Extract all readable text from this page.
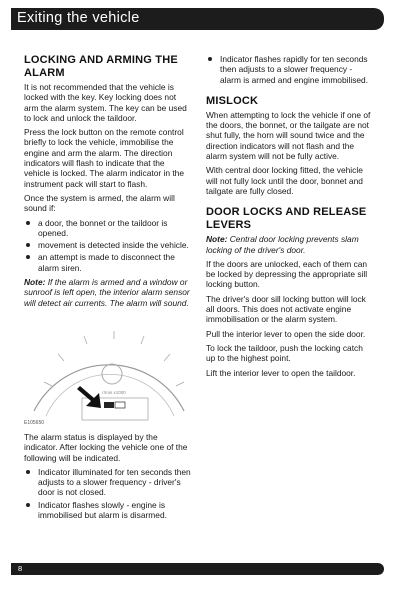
Exiting the vehicle
LOCKING AND ARMING THE ALARM

It is not recommended that the vehicle is locked with the key. Key locking does not arm the alarm system. The key can be used to lock and unlock the taildoor.

Press the lock button on the remote control briefly to lock the vehicle, immobilise the engine and arm the alarm. The direction indicators will flash to indicate that the vehicle is locked. The alarm indicator in the instrument pack will start to flash.

Once the system is armed, the alarm will sound if:

a door, the bonnet or the taildoor is opened.
movement is detected inside the vehicle.
an attempt is made to disconnect the alarm siren.

Note: If the alarm is armed and a window or sunroof is left open, the interior alarm sensor will detect air currents. The alarm will sound.

r/min x1000
E105650

The alarm status is displayed by the indicator. After locking the vehicle one of the following will be indicated.

Indicator illuminated for ten seconds then adjusts to a slower frequency - driver's door is not closed.
Indicator flashes slowly - engine is immobilised but alarm is disarmed.
Indicator flashes rapidly for ten seconds then adjusts to a slower frequency - alarm is armed and engine immobilised.
MISLOCK

When attempting to lock the vehicle if one of the doors, the bonnet, or the tailgate are not shut fully, the horn will sound twice and the direction indicators will not flash and the alarm system will not be fully active.

With central door locking fitted, the vehicle will not fully lock until the door, bonnet and tailgate are fully closed.

DOOR LOCKS AND RELEASE LEVERS

Note: Central door locking prevents slam locking of the driver's door.

If the doors are unlocked, each of them can be locked by depressing the appropriate sill locking button.

The driver's door sill locking button will lock all doors. This does not activate engine immobilisation or the alarm system.

Pull the interior lever to open the side door.

To lock the taildoor, push the locking catch up to the highest point.

Lift the interior lever to open the taildoor.

8
